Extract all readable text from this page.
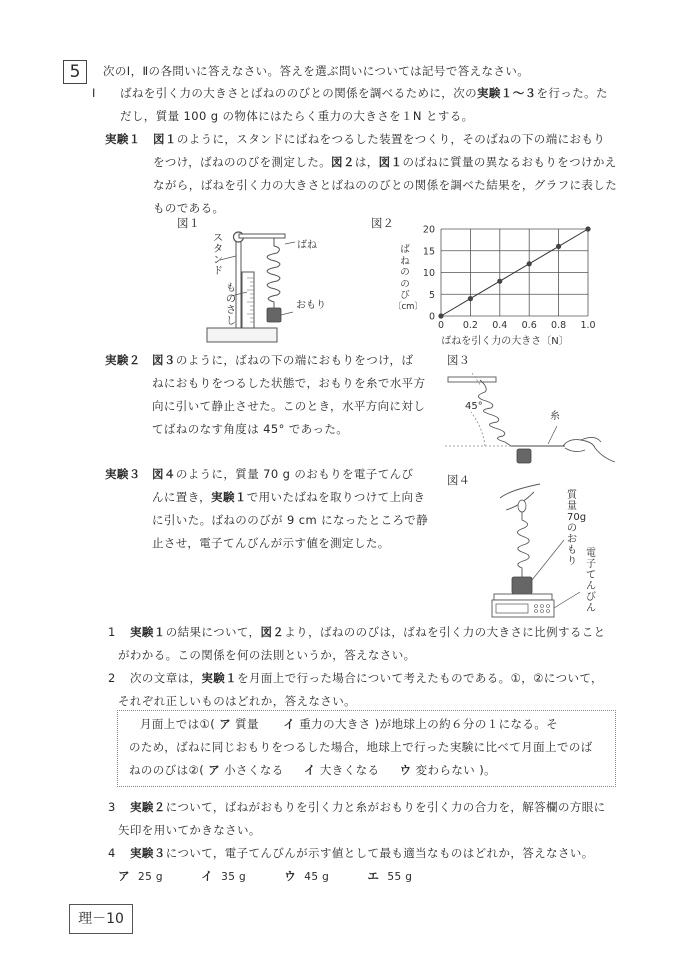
5	次のⅠ，Ⅱの各問いに答えなさい。答えを選ぶ問いについては記号で答えなさい。
Ⅰ ばねを引く力の大きさとばねののびとの関係を調べるために，次の実験１～３を行った。た
だし，質量 100 g の物体にはたらく重力の大きさを１N とする。
実験１ 図１のように，スタンドにばねをつるした装置をつくり，そのばねの下の端におもり
をつけ，ばねののびを測定した。図２は，図１のばねに質量の異なるおもりをつけかえ
ながら，ばねを引く力の大きさとばねののびとの関係を調べた結果を，グラフに表した
ものである。
図１
スタンド
ばね
ものさし
おもり
図２
ば
ね
の
の
び
〔cm〕
0
5
10
15
20
0 0.2 0.4 0.6 0.8 1.0
ばねを引く力の大きさ〔N〕
実験２ 図３のように，ばねの下の端におもりをつけ，ば
ねにおもりをつるした状態で，おもりを糸で水平方
向に引いて静止させた。このとき，水平方向に対し
てばねのなす角度は 45° であった。
図３
45°
糸
実験３ 図４のように，質量 70 g のおもりを電子てんび
んに置き，実験１で用いたばねを取りつけて上向き
に引いた。ばねののびが 9 cm になったところで静
止させ，電子てんびんが示す値を測定した。
図４
質量70gのおもり
電子てんびん
1 実験１の結果について，図２より，ばねののびは，ばねを引く力の大きさに比例すること
がわかる。この関係を何の法則というか，答えなさい。
2 次の文章は，実験１を月面上で行った場合について考えたものである。①，②について，
それぞれ正しいものはどれか，答えなさい。
月面上では①( ア 質量 イ 重力の大きさ )が地球上の約６分の１になる。そ
のため，ばねに同じおもりをつるした場合，地球上で行った実験に比べて月面上でのば
ねののびは②( ア 小さくなる イ 大きくなる ウ 変わらない )。
3 実験２について，ばねがおもりを引く力と糸がおもりを引く力の合力を，解答欄の方眼に
矢印を用いてかきなさい。
4 実験３について，電子てんびんが示す値として最も適当なものはどれか，答えなさい。
ア 25 g	イ 35 g	ウ 45 g	エ 55 g
理－10
